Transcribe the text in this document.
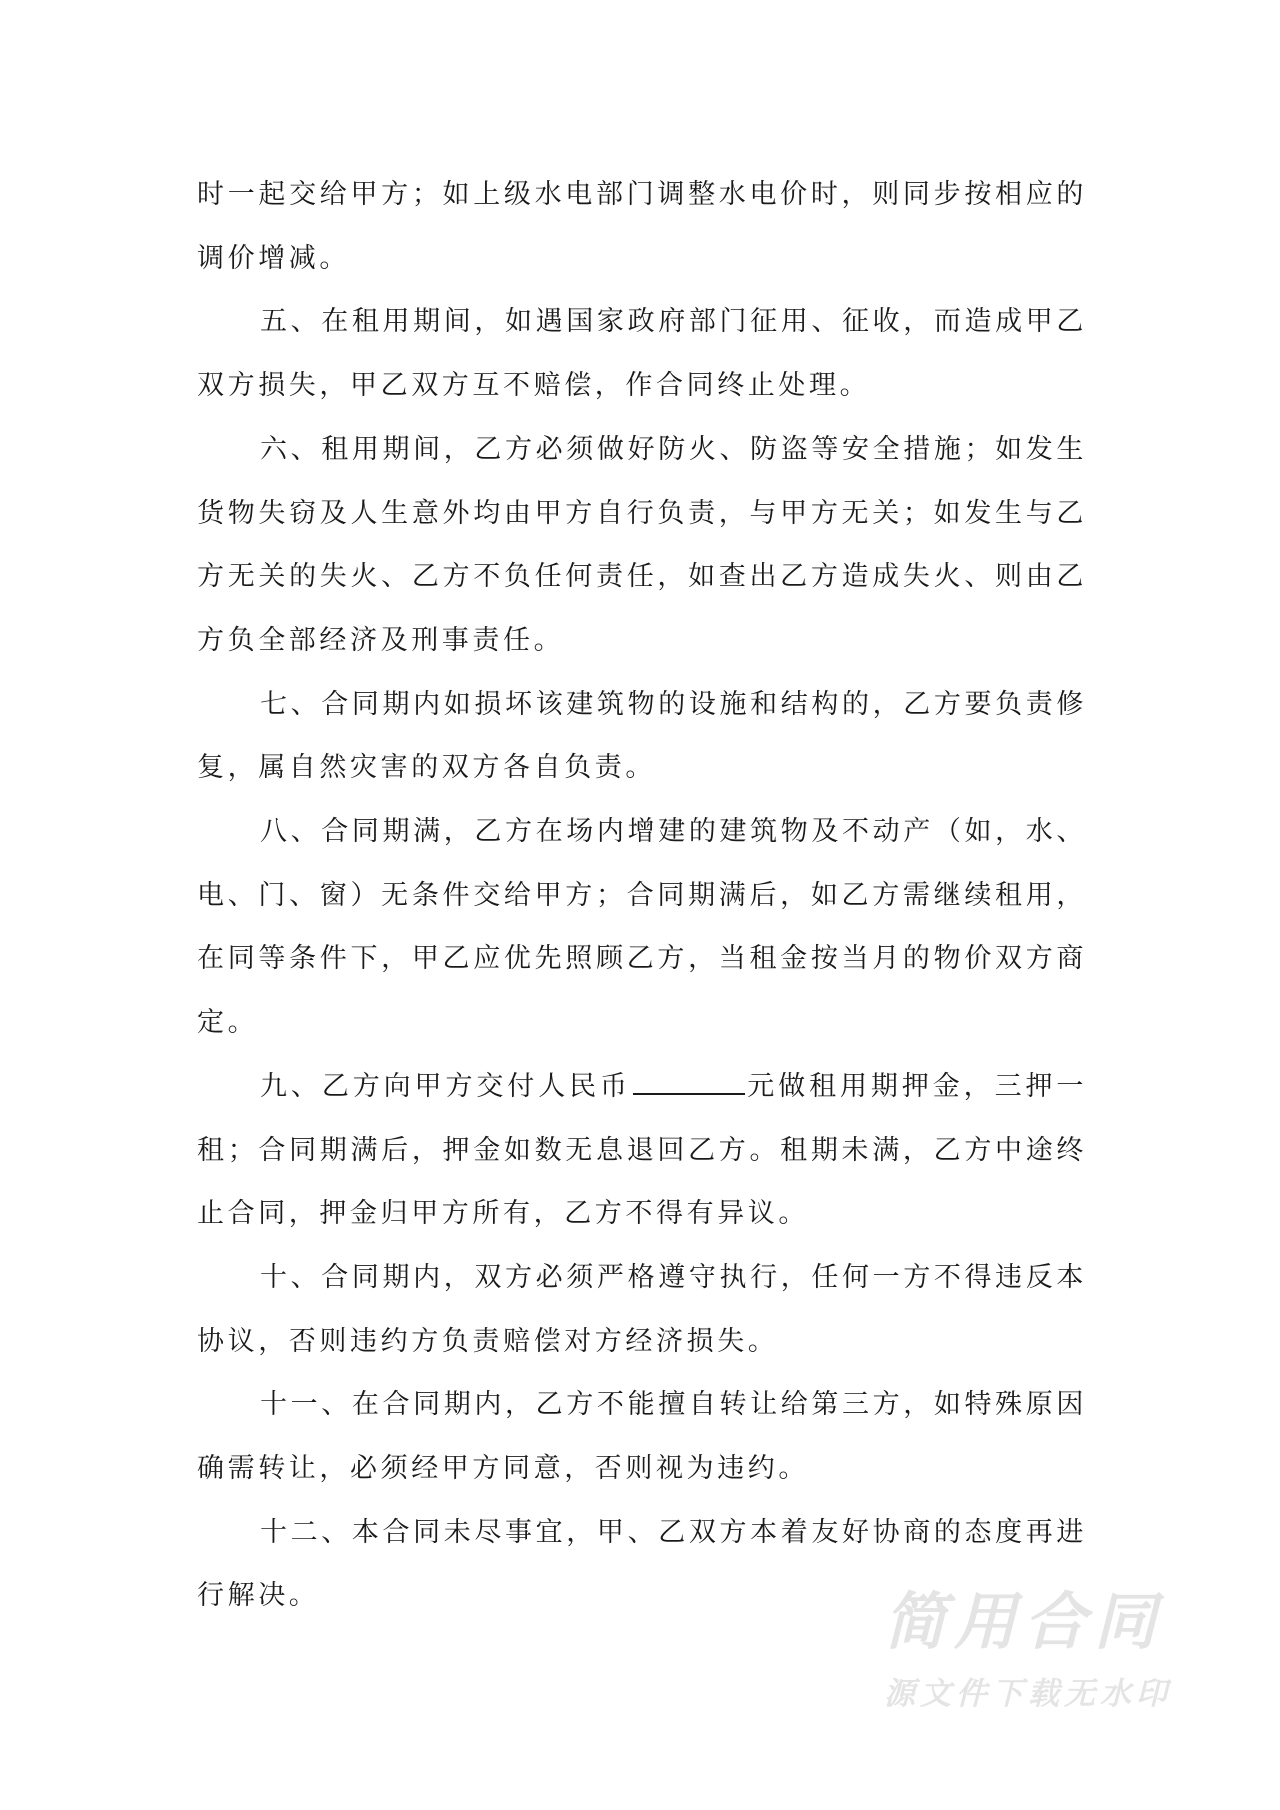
时一起交给甲方；如上级水电部门调整水电价时，则同步按相应的调价增减。

五、在租用期间，如遇国家政府部门征用、征收，而造成甲乙双方损失，甲乙双方互不赔偿，作合同终止处理。

六、租用期间，乙方必须做好防火、防盗等安全措施；如发生货物失窃及人生意外均由甲方自行负责，与甲方无关；如发生与乙方无关的失火、乙方不负任何责任，如查出乙方造成失火、则由乙方负全部经济及刑事责任。

七、合同期内如损坏该建筑物的设施和结构的，乙方要负责修复，属自然灾害的双方各自负责。

八、合同期满，乙方在场内增建的建筑物及不动产（如，水、电、门、窗）无条件交给甲方；合同期满后，如乙方需继续租用，在同等条件下，甲乙应优先照顾乙方，当租金按当月的物价双方商定。

九、乙方向甲方交付人民币	元做租用期押金，三押一租；合同期满后，押金如数无息退回乙方。租期未满，乙方中途终止合同，押金归甲方所有，乙方不得有异议。

十、合同期内，双方必须严格遵守执行，任何一方不得违反本协议，否则违约方负责赔偿对方经济损失。

十一、在合同期内，乙方不能擅自转让给第三方，如特殊原因确需转让，必须经甲方同意，否则视为违约。

十二、本合同未尽事宜，甲、乙双方本着友好协商的态度再进行解决。	简用合同
源文件下载无水印
